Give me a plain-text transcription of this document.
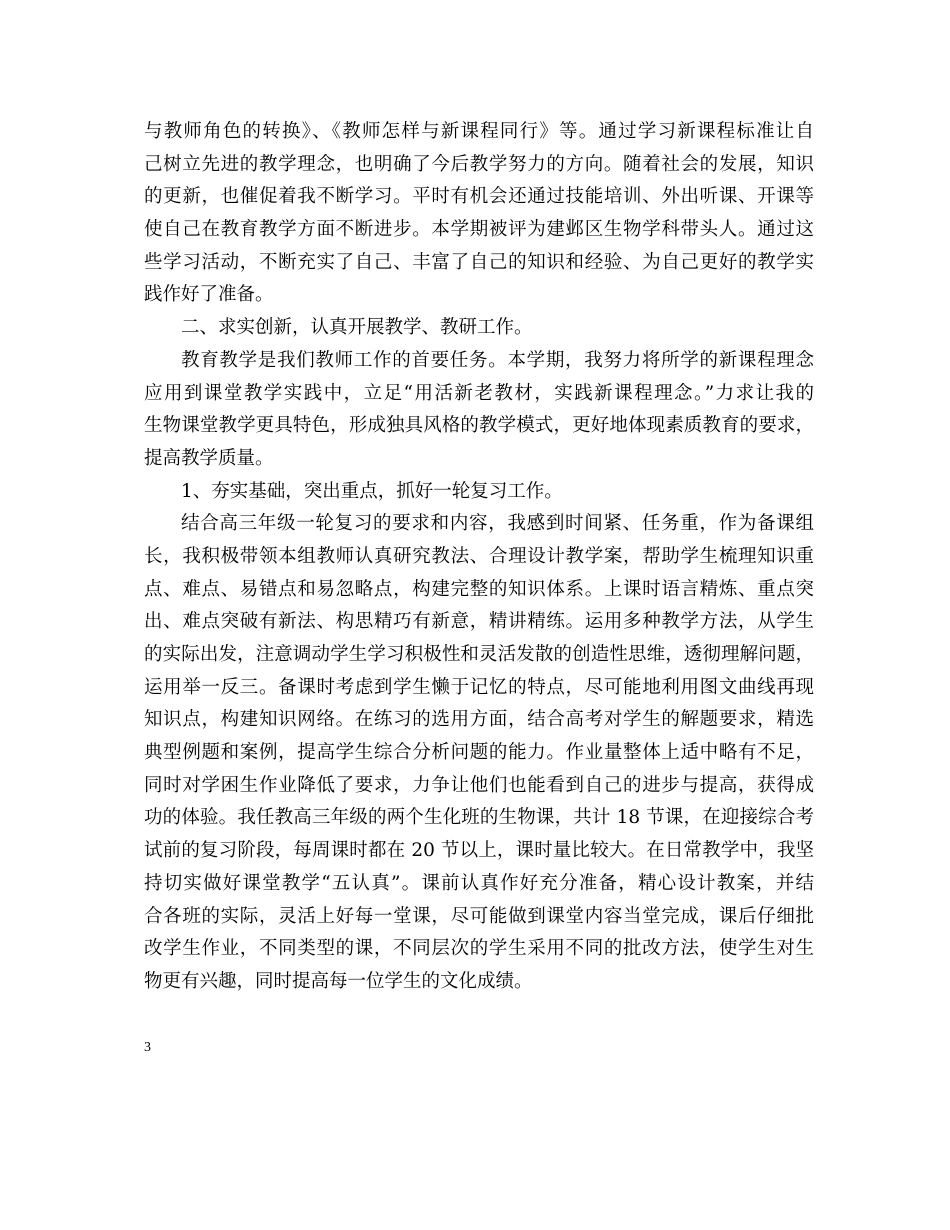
与教师角色的转换》、《教师怎样与新课程同行》等。通过学习新课程标准让自
己树立先进的教学理念，也明确了今后教学努力的方向。随着社会的发展，知识
的更新，也催促着我不断学习。平时有机会还通过技能培训、外出听课、开课等
使自己在教育教学方面不断进步。本学期被评为建邺区生物学科带头人。通过这
些学习活动，不断充实了自己、丰富了自己的知识和经验、为自己更好的教学实
践作好了准备。
二、求实创新，认真开展教学、教研工作。
教育教学是我们教师工作的首要任务。本学期，我努力将所学的新课程理念
应用到课堂教学实践中，立足“用活新老教材，实践新课程理念。”力求让我的
生物课堂教学更具特色，形成独具风格的教学模式，更好地体现素质教育的要求，
提高教学质量。
1、夯实基础，突出重点，抓好一轮复习工作。
结合高三年级一轮复习的要求和内容，我感到时间紧、任务重，作为备课组
长，我积极带领本组教师认真研究教法、合理设计教学案，帮助学生梳理知识重
点、难点、易错点和易忽略点，构建完整的知识体系。上课时语言精炼、重点突
出、难点突破有新法、构思精巧有新意，精讲精练。运用多种教学方法，从学生
的实际出发，注意调动学生学习积极性和灵活发散的创造性思维，透彻理解问题，
运用举一反三。备课时考虑到学生懒于记忆的特点，尽可能地利用图文曲线再现
知识点，构建知识网络。在练习的选用方面，结合高考对学生的解题要求，精选
典型例题和案例，提高学生综合分析问题的能力。作业量整体上适中略有不足，
同时对学困生作业降低了要求，力争让他们也能看到自己的进步与提高，获得成
功的体验。我任教高三年级的两个生化班的生物课，共计 18 节课，在迎接综合考
试前的复习阶段，每周课时都在 20 节以上，课时量比较大。在日常教学中，我坚
持切实做好课堂教学“五认真”。课前认真作好充分准备，精心设计教案，并结
合各班的实际，灵活上好每一堂课，尽可能做到课堂内容当堂完成，课后仔细批
改学生作业，不同类型的课，不同层次的学生采用不同的批改方法，使学生对生
物更有兴趣，同时提高每一位学生的文化成绩。
3
